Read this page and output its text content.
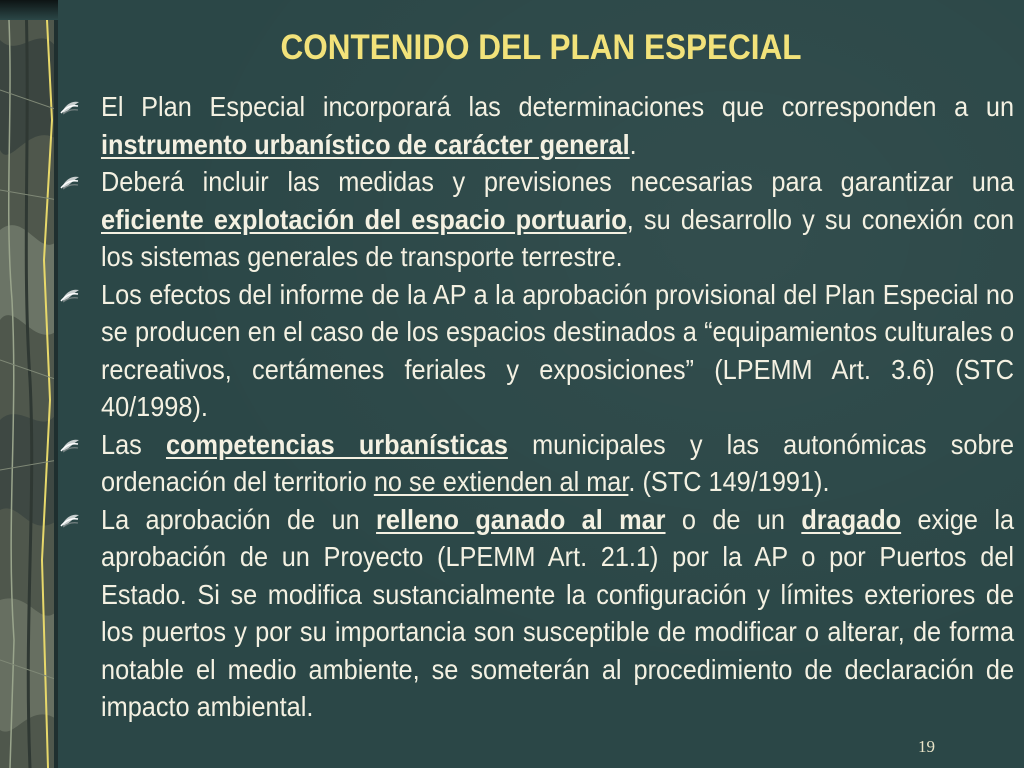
CONTENIDO DEL PLAN ESPECIAL
El Plan Especial incorporará las determinaciones que corresponden a un instrumento urbanístico de carácter general.
Deberá incluir las medidas y previsiones necesarias para garantizar una eficiente explotación del espacio portuario, su desarrollo y su conexión con los sistemas generales de transporte terrestre.
Los efectos del informe de la AP a la aprobación provisional del Plan Especial no se producen en el caso de los espacios destinados a “equipamientos culturales o recreativos, certámenes feriales y exposiciones” (LPEMM Art. 3.6) (STC 40/1998).
Las competencias urbanísticas municipales y las autonómicas sobre ordenación del territorio no se extienden al mar. (STC 149/1991).
La aprobación de un relleno ganado al mar o de un dragado exige la aprobación de un Proyecto (LPEMM Art. 21.1) por la AP o por Puertos del Estado. Si se modifica sustancialmente la configuración y límites exteriores de los puertos y por su importancia son susceptible de modificar o alterar, de forma notable el medio ambiente, se someterán al procedimiento de declaración de impacto ambiental.
19
